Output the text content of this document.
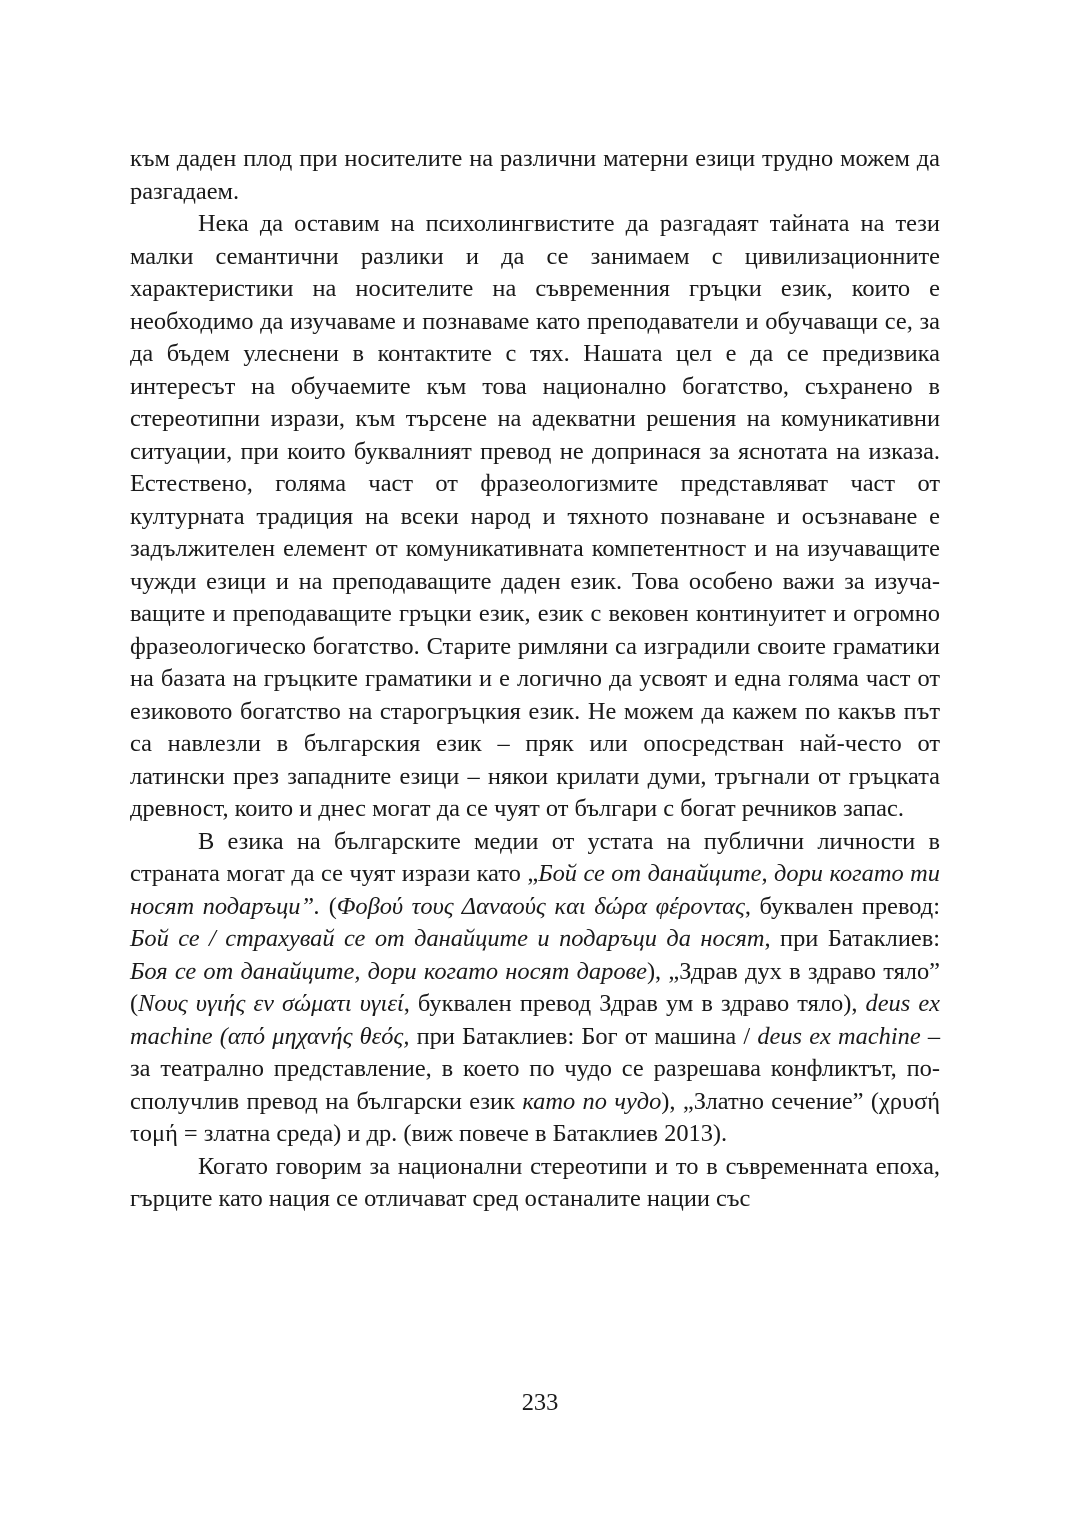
към даден плод при носителите на различни матерни езици трудно можем да разгадаем.

Нека да оставим на психолингвистите да разгадаят тайната на тези малки семантични разлики и да се занимаем с цивилизационните характеристики на носителите на съвременния гръцки език, които е необходимо да изучаваме и познаваме като преподаватели и обучаващи се, за да бъдем улеснени в контактите с тях. Нашата цел е да се предизвика интересът на обучаемите към това национално богатство, съхранено в стереотипни изрази, към търсене на адекватни решения на комуникативни ситуации, при които буквалният превод не допринася за яснотата на изказа. Естествено, голяма част от фразеологизмите представляват част от културната традиция на всеки народ и тяхното познаване и осъзнаване е задължителен елемент от комуникативната компетентност и на изучаващите чужди езици и на преподаващите даден език. Това особено важи за изучаващите и преподаващите гръцки език, език с вековен континуитет и огромно фразеологическо богатство. Старите римляни са изградили своите граматики на базата на гръцките граматики и е логично да усвоят и една голяма част от езиковото богатство на старогръцкия език. Не можем да кажем по какъв път са навлезли в българския език – пряк или опосредстван най-често от латински през западните езици – някои крилати думи, тръгнали от гръцката древност, които и днес могат да се чуят от българи с богат речников запас.

В езика на българските медии от устата на публични личности в страната могат да се чуят изрази като „Бой се от данайците, дори когато ти носят подаръци”. (Φοβού τους Δαναούς και δώρα φέροντας, буквален превод: Бой се / страхувай се от данайците и подаръци да носят, при Батаклиев: Боя се от данайците, дори когато носят дарове), „Здрав дух в здраво тяло” (Νους υγιής εν σώματι υγιεί, буквален превод Здрав ум в здраво тяло), deus ex machine (από μηχανής θεός, при Батаклиев: Бог от машина / deus ex machine – за театрално представление, в което по чудо се разрешава конфликтът, по-сполучлив превод на български език като по чудо), „Златно сечение” (χρυσή τομή = златна среда) и др. (виж повече в Батаклиев 2013).

Когато говорим за национални стереотипи и то в съвременната епоха, гърците като нация се отличават сред останалите нации със

233
